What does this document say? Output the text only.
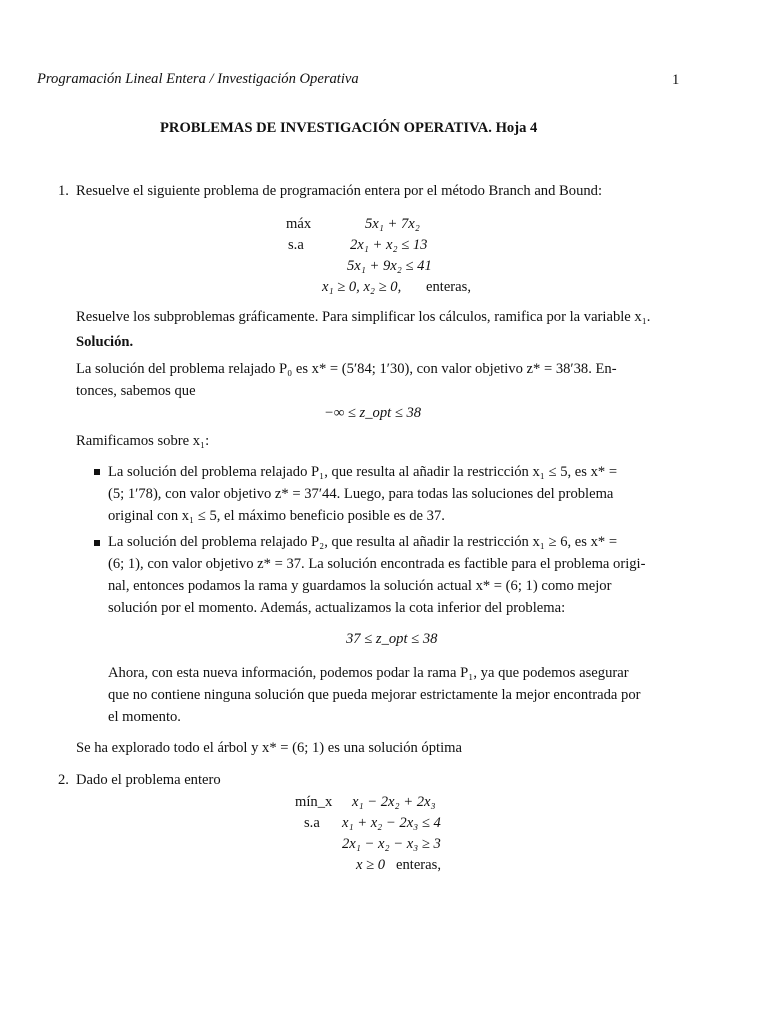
Programación Lineal Entera / Investigación Operativa	1
PROBLEMAS DE INVESTIGACIÓN OPERATIVA. Hoja 4
1. Resuelve el siguiente problema de programación entera por el método Branch and Bound:
máx	5x₁ + 7x₂
s.a	2x₁ + x₂ ≤ 13
5x₁ + 9x₂ ≤ 41
x₁ ≥ 0, x₂ ≥ 0, enteras,
Resuelve los subproblemas gráficamente. Para simplificar los cálculos, ramifica por la variable x₁.
Solución.
La solución del problema relajado P₀ es x* = (5′84; 1′30), con valor objetivo z* = 38′38. En-
tonces, sabemos que
−∞ ≤ z_opt ≤ 38
Ramificamos sobre x₁:
La solución del problema relajado P₁, que resulta al añadir la restricción x₁ ≤ 5, es x* =
(5; 1′78), con valor objetivo z* = 37′44. Luego, para todas las soluciones del problema
original con x₁ ≤ 5, el máximo beneficio posible es de 37.
La solución del problema relajado P₂, que resulta al añadir la restricción x₁ ≥ 6, es x* =
(6; 1), con valor objetivo z* = 37. La solución encontrada es factible para el problema origi-
nal, entonces podamos la rama y guardamos la solución actual x* = (6; 1) como mejor
solución por el momento. Además, actualizamos la cota inferior del problema:
37 ≤ z_opt ≤ 38
Ahora, con esta nueva información, podemos podar la rama P₁, ya que podemos asegurar
que no contiene ninguna solución que pueda mejorar estrictamente la mejor encontrada por
el momento.
Se ha explorado todo el árbol y x* = (6; 1) es una solución óptima
2. Dado el problema entero
mín_x x₁ − 2x₂ + 2x₃
s.a x₁ + x₂ − 2x₃ ≤ 4
2x₁ − x₂ − x₃ ≥ 3
x ≥ 0 enteras,
